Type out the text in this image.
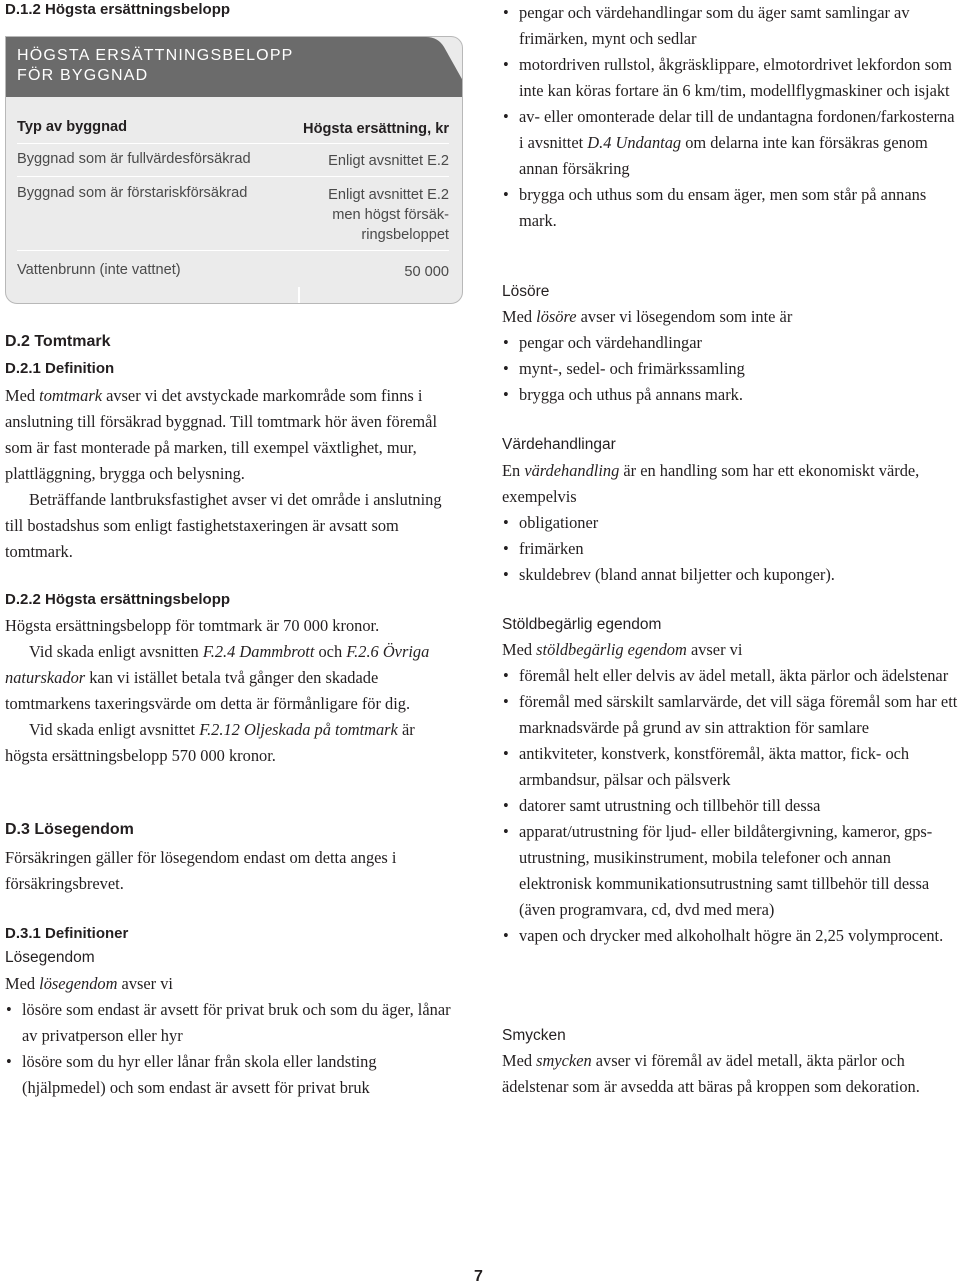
D.1.2 Högsta ersättningsbelopp
HÖGSTA ERSÄTTNINGSBELOPP
FÖR BYGGNAD
Typ av byggnad	Högsta ersättning, kr
Byggnad som är fullvärdesförsäkrad	Enligt avsnittet E.2
Byggnad som är förstariskförsäkrad	Enligt avsnittet E.2
men högst försäk-
ringsbeloppet
Vattenbrunn (inte vattnet)	50 000
D.2 Tomtmark
D.2.1 Definition

Med tomtmark avser vi det avstyckade markområde som finns i anslutning till försäkrad byggnad. Till tomtmark hör även föremål som är fast monterade på marken, till exempel växtlighet, mur, plattläggning, brygga och belysning.

Beträffande lantbruksfastighet avser vi det område i anslutning till bostadshus som enligt fastighetstaxeringen är avsatt som tomtmark.

D.2.2 Högsta ersättningsbelopp

Högsta ersättningsbelopp för tomtmark är 70 000 kronor.

Vid skada enligt avsnitten F.2.4 Dammbrott och F.2.6 Övriga naturskador kan vi istället betala två gånger den skadade tomtmarkens taxeringsvärde om detta är förmånligare för dig.

Vid skada enligt avsnittet F.2.12 Oljeskada på tomtmark är högsta ersättningsbelopp 570 000 kronor.

D.3 Lösegendom
Försäkringen gäller för lösegendom endast om detta anges i försäkringsbrevet.
D.3.1 Definitioner
Lösegendom

Med lösegendom avser vi

• lösöre som endast är avsett för privat bruk och som du äger, lånar av privatperson eller hyr
• lösöre som du hyr eller lånar från skola eller landsting (hjälpmedel) och som endast är avsett för privat bruk
• pengar och värdehandlingar som du äger samt samlingar av frimärken, mynt och sedlar
• motordriven rullstol, åkgräsklippare, elmotordrivet lekfordon som inte kan köras fortare än 6 km/tim, modellflygmaskiner och isjakt
• av- eller omonterade delar till de undantagna fordonen/farkosterna i avsnittet D.4 Undantag om delarna inte kan försäkras genom annan försäkring
• brygga och uthus som du ensam äger, men som står på annans mark.
Lösöre

Med lösöre avser vi lösegendom som inte är

• pengar och värdehandlingar
• mynt-, sedel- och frimärkssamling
• brygga och uthus på annans mark.
Värdehandlingar

En värdehandling är en handling som har ett ekonomiskt värde, exempelvis

• obligationer
• frimärken
• skuldebrev (bland annat biljetter och kuponger).
Stöldbegärlig egendom

Med stöldbegärlig egendom avser vi

• föremål helt eller delvis av ädel metall, äkta pärlor och ädelstenar
• föremål med särskilt samlarvärde, det vill säga föremål som har ett marknadsvärde på grund av sin attraktion för samlare
• antikviteter, konstverk, konstföremål, äkta mattor, fick- och armbandsur, pälsar och pälsverk
• datorer samt utrustning och tillbehör till dessa
• apparat/utrustning för ljud- eller bildåtergivning, kameror, gps-utrustning, musikinstrument, mobila telefoner och annan elektronisk kommunikationsutrustning samt tillbehör till dessa (även programvara, cd, dvd med mera)
• vapen och drycker med alkoholhalt högre än 2,25 volymprocent.
Smycken
Med smycken avser vi föremål av ädel metall, äkta pärlor och ädelstenar som är avsedda att bäras på kroppen som dekoration.
7
